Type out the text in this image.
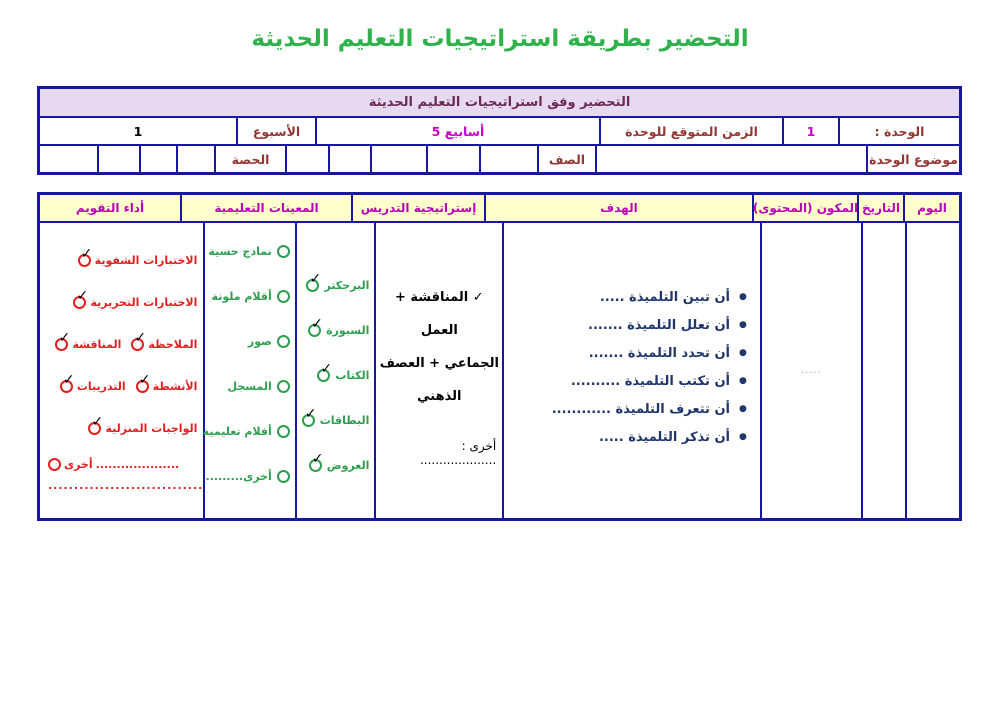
التحضير بطريقة استراتيجيات التعليم الحديثة
التحضير وفق استراتيجيات التعليم الحديثة
الوحدة :
1
الزمن المتوقع للوحدة
5 أسابيع
الأسبوع
1
موضوع الوحدة
الصف
الحصة
اليوم
التاريخ
المكون (المحتوى)
الهدف
إستراتيجية التدريس
المعينات التعليمية
أداء التقويم
.....
●
أن تبين التلميذة .....
●
أن تعلل التلميذة .......
●
أن تحدد التلميذة .......
●
أن تكتب التلميذة ..........
●
أن تتعرف التلميذة ............
●
أن تذكر التلميذة .....
✓ المناقشة + العمل
الجماعي + العصف
الذهني
أخرى : ....................
✓ البرجكتر
✓ السبورة
✓ الكتاب
✓ البطاقات
✓ العروض
نماذج حسية
أقلام ملونة
صور
المسجل
أفلام تعليمية
أخرى.........
✓ الاختبارات الشفوية
✓ الاختبارات التحريرية
✓ الملاحظة
✓ المناقشة
✓ الأنشطة
✓ التدريبات
✓ الواجبات المنزلية
أخرى ....................
..............................
